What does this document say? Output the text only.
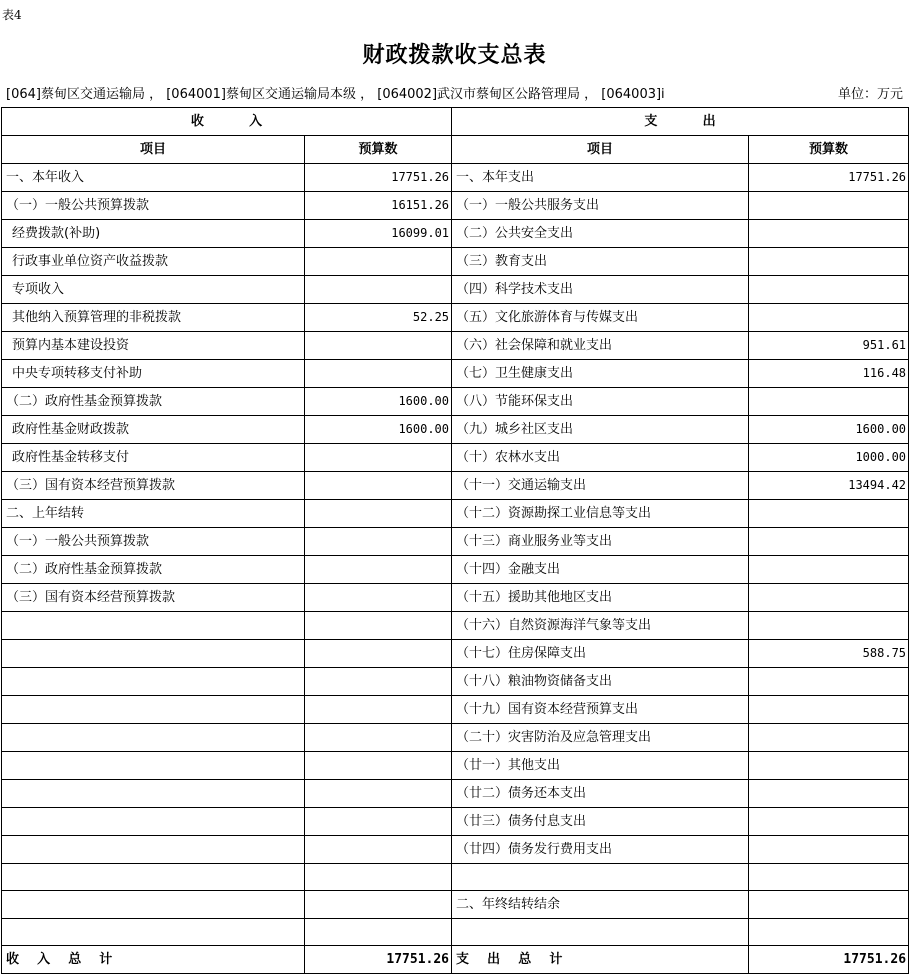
表4
财政拨款收支总表
[064]蔡甸区交通运输局 ， [064001]蔡甸区交通运输局本级 ， [064002]武汉市蔡甸区公路管理局 ， [064003]i	单位：万元
收          入		支          出	
项目	预算数	项目	预算数
一、本年收入	17751.26	一、本年支出	17751.26
（一）一般公共预算拨款	16151.26	（一）一般公共服务支出	
经费拨款(补助)	16099.01	（二）公共安全支出	
行政事业单位资产收益拨款		（三）教育支出	
专项收入		（四）科学技术支出	
其他纳入预算管理的非税拨款	52.25	（五）文化旅游体育与传媒支出	
预算内基本建设投资		（六）社会保障和就业支出	951.61
中央专项转移支付补助		（七）卫生健康支出	116.48
（二）政府性基金预算拨款	1600.00	（八）节能环保支出	
政府性基金财政拨款	1600.00	（九）城乡社区支出	1600.00
政府性基金转移支付		（十）农林水支出	1000.00
（三）国有资本经营预算拨款		（十一）交通运输支出	13494.42
二、上年结转		（十二）资源勘探工业信息等支出	
（一）一般公共预算拨款		（十三）商业服务业等支出	
（二）政府性基金预算拨款		（十四）金融支出	
（三）国有资本经营预算拨款		（十五）援助其他地区支出	
		（十六）自然资源海洋气象等支出	
		（十七）住房保障支出	588.75
		（十八）粮油物资储备支出	
		（十九）国有资本经营预算支出	
		（二十）灾害防治及应急管理支出	
		（廿一）其他支出	
		（廿二）债务还本支出	
		（廿三）债务付息支出	
		（廿四）债务发行费用支出	

		二、年终结转结余	

收    入    总    计	17751.26	支    出    总    计	17751.26
